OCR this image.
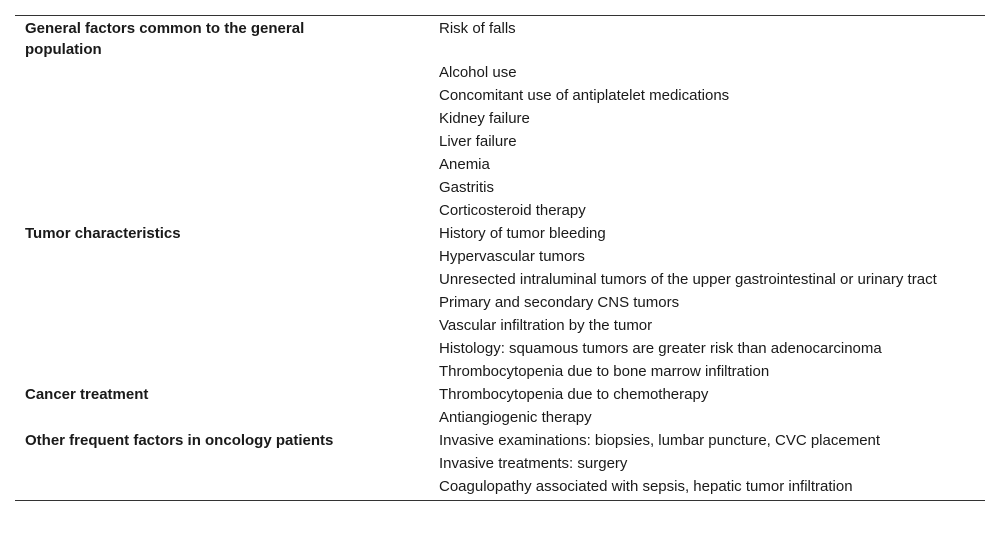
General factors common to the general population	Risk of falls
	Alcohol use
	Concomitant use of antiplatelet medications
	Kidney failure
	Liver failure
	Anemia
	Gastritis
	Corticosteroid therapy
Tumor characteristics	History of tumor bleeding
	Hypervascular tumors
	Unresected intraluminal tumors of the upper gastrointestinal or urinary tract
	Primary and secondary CNS tumors
	Vascular infiltration by the tumor
	Histology: squamous tumors are greater risk than adenocarcinoma
	Thrombocytopenia due to bone marrow infiltration
Cancer treatment	Thrombocytopenia due to chemotherapy
	Antiangiogenic therapy
Other frequent factors in oncology patients	Invasive examinations: biopsies, lumbar puncture, CVC placement
	Invasive treatments: surgery
	Coagulopathy associated with sepsis, hepatic tumor infiltration
